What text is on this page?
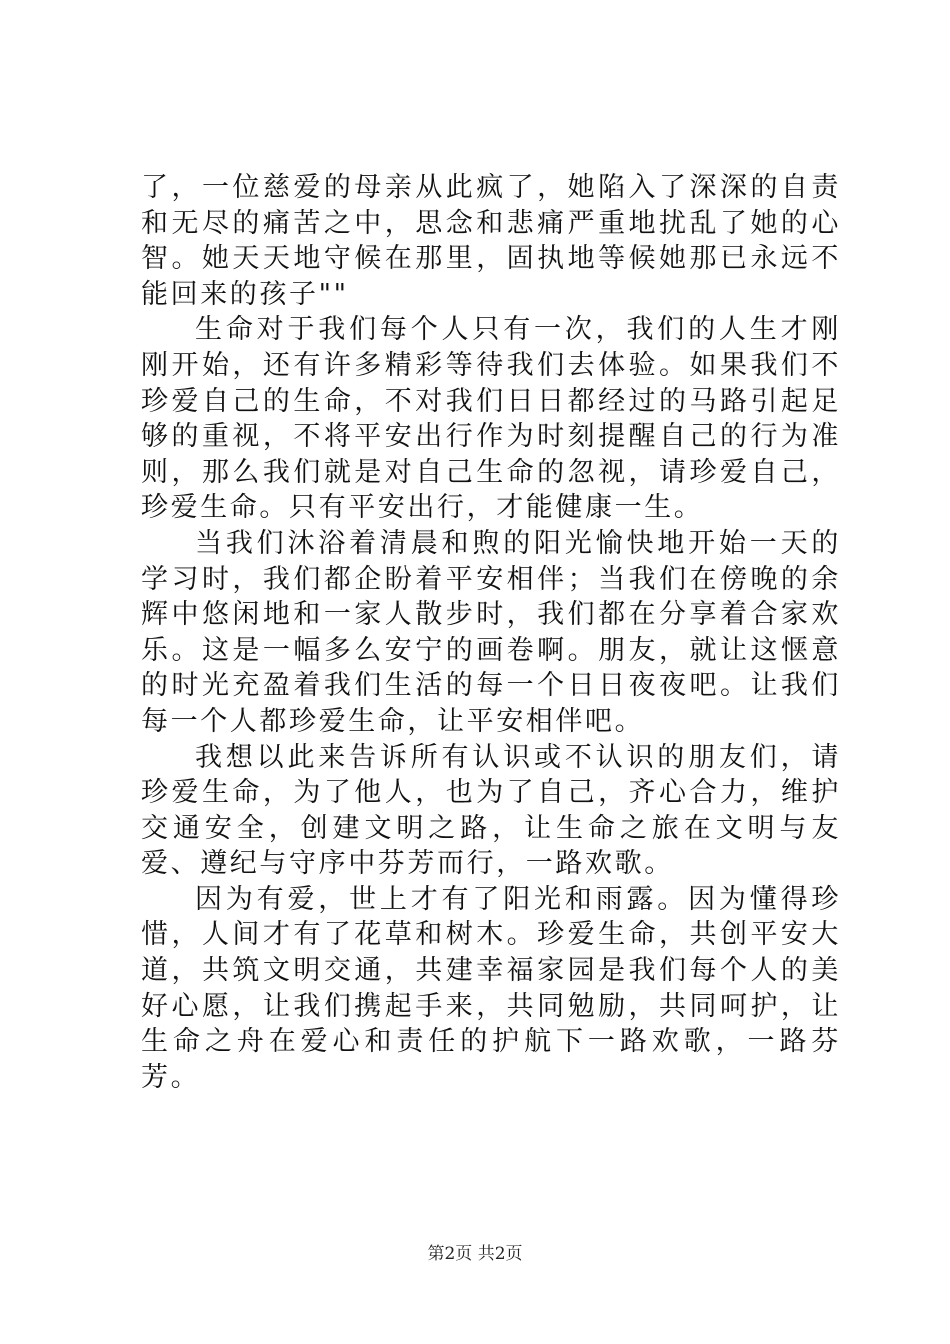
了，一位慈爱的母亲从此疯了，她陷入了深深的自责和无尽的痛苦之中，思念和悲痛严重地扰乱了她的心智。她天天地守候在那里，固执地等候她那已永远不能回来的孩子""

生命对于我们每个人只有一次，我们的人生才刚刚开始，还有许多精彩等待我们去体验。如果我们不珍爱自己的生命，不对我们日日都经过的马路引起足够的重视，不将平安出行作为时刻提醒自己的行为准则，那么我们就是对自己生命的忽视，请珍爱自己，珍爱生命。只有平安出行，才能健康一生。

当我们沐浴着清晨和煦的阳光愉快地开始一天的学习时，我们都企盼着平安相伴；当我们在傍晚的余辉中悠闲地和一家人散步时，我们都在分享着合家欢乐。这是一幅多么安宁的画卷啊。朋友，就让这惬意的时光充盈着我们生活的每一个日日夜夜吧。让我们每一个人都珍爱生命，让平安相伴吧。

我想以此来告诉所有认识或不认识的朋友们，请珍爱生命，为了他人，也为了自己，齐心合力，维护交通安全，创建文明之路，让生命之旅在文明与友爱、遵纪与守序中芬芳而行，一路欢歌。

因为有爱，世上才有了阳光和雨露。因为懂得珍惜，人间才有了花草和树木。珍爱生命，共创平安大道，共筑文明交通，共建幸福家园是我们每个人的美好心愿，让我们携起手来，共同勉励，共同呵护，让生命之舟在爱心和责任的护航下一路欢歌，一路芬芳。

第2页 共2页
